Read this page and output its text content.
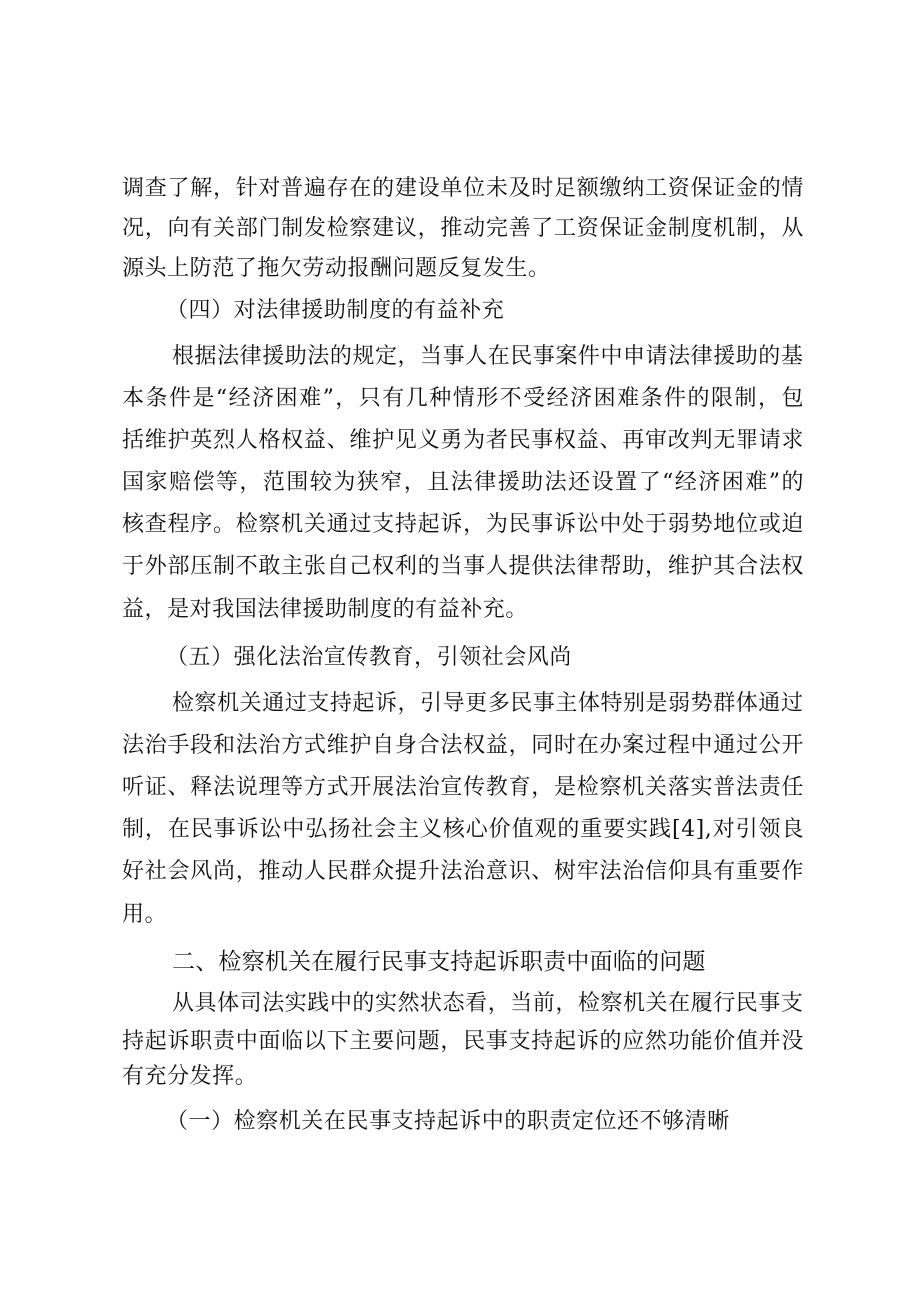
调查了解，针对普遍存在的建设单位未及时足额缴纳工资保证金的情
况，向有关部门制发检察建议，推动完善了工资保证金制度机制，从
源头上防范了拖欠劳动报酬问题反复发生。
（四）对法律援助制度的有益补充
根据法律援助法的规定，当事人在民事案件中申请法律援助的基
本条件是“经济困难”，只有几种情形不受经济困难条件的限制，包
括维护英烈人格权益、维护见义勇为者民事权益、再审改判无罪请求
国家赔偿等，范围较为狭窄，且法律援助法还设置了“经济困难”的
核查程序。检察机关通过支持起诉，为民事诉讼中处于弱势地位或迫
于外部压制不敢主张自己权利的当事人提供法律帮助，维护其合法权
益，是对我国法律援助制度的有益补充。
（五）强化法治宣传教育，引领社会风尚
检察机关通过支持起诉，引导更多民事主体特别是弱势群体通过
法治手段和法治方式维护自身合法权益，同时在办案过程中通过公开
听证、释法说理等方式开展法治宣传教育，是检察机关落实普法责任
制，在民事诉讼中弘扬社会主义核心价值观的重要实践[4],对引领良
好社会风尚，推动人民群众提升法治意识、树牢法治信仰具有重要作
用。
二、检察机关在履行民事支持起诉职责中面临的问题
从具体司法实践中的实然状态看，当前，检察机关在履行民事支
持起诉职责中面临以下主要问题，民事支持起诉的应然功能价值并没
有充分发挥。
（一）检察机关在民事支持起诉中的职责定位还不够清晰
